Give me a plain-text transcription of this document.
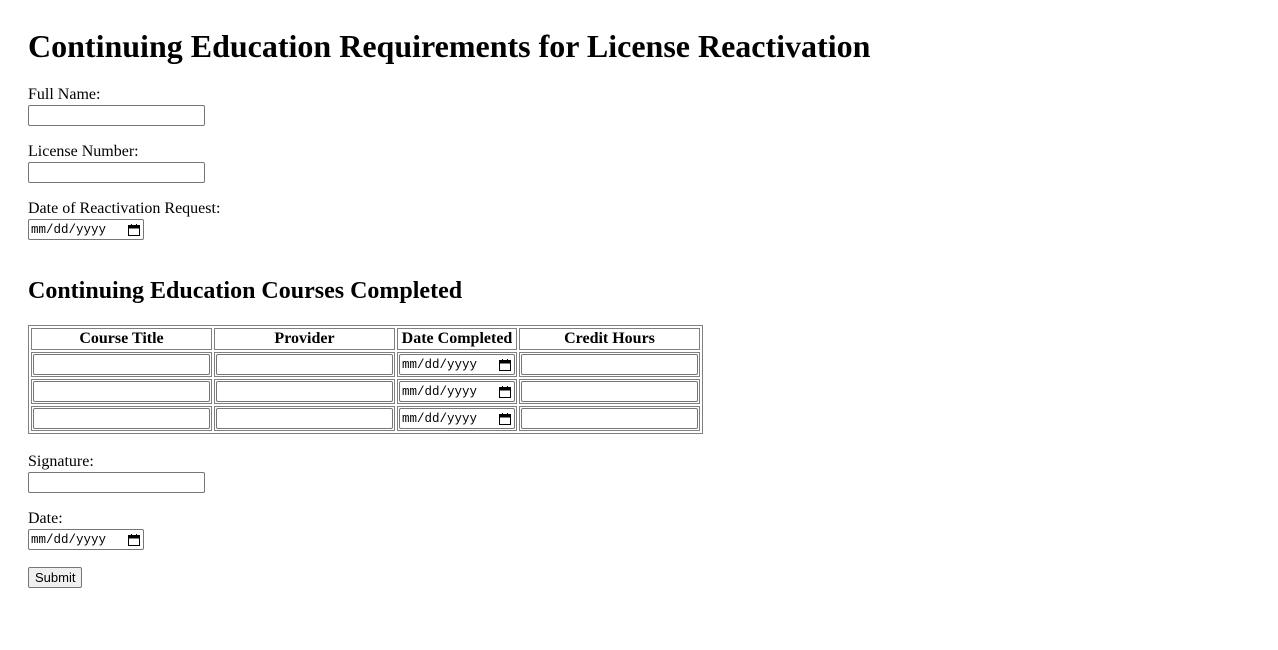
Continuing Education Requirements for License Reactivation
Full Name:
License Number:
Date of Reactivation Request:
mm/dd/yyyy
Continuing Education Courses Completed
Course Title	Provider	Date Completed	Credit Hours

		mm/dd/yyyy	

		mm/dd/yyyy	

		mm/dd/yyyy	

Signature:
Date:
mm/dd/yyyy
Submit
